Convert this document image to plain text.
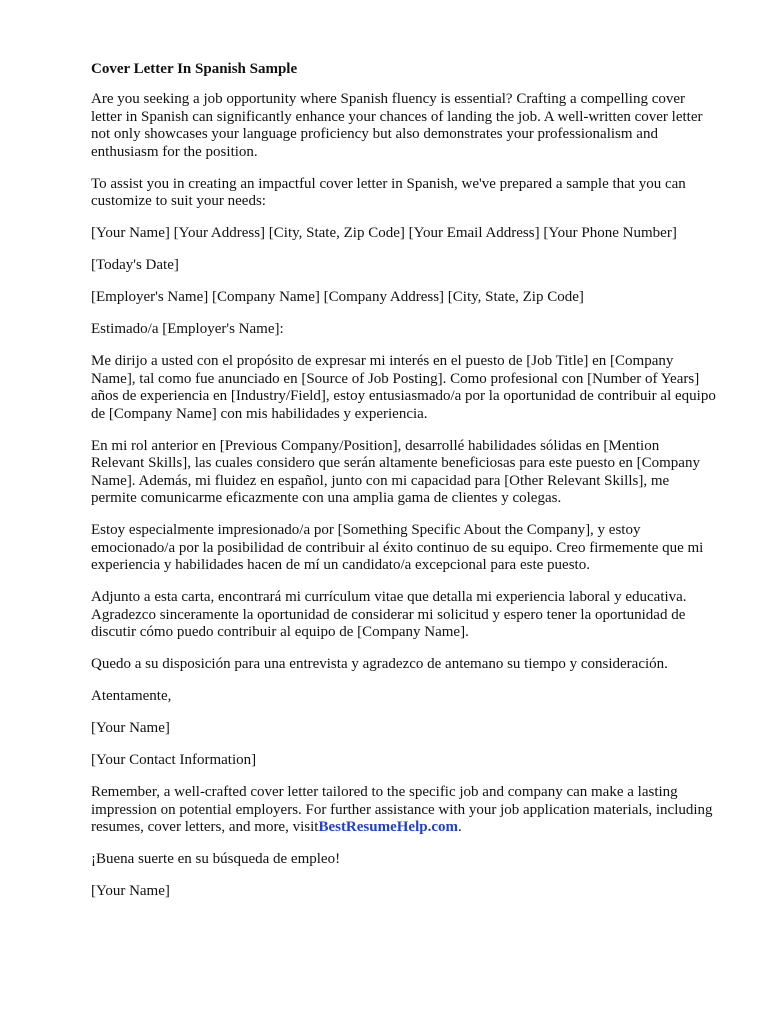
Cover Letter In Spanish Sample

Are you seeking a job opportunity where Spanish fluency is essential? Crafting a compelling cover letter in Spanish can significantly enhance your chances of landing the job. A well-written cover letter not only showcases your language proficiency but also demonstrates your professionalism and enthusiasm for the position.

To assist you in creating an impactful cover letter in Spanish, we've prepared a sample that you can customize to suit your needs:

[Your Name] [Your Address] [City, State, Zip Code] [Your Email Address] [Your Phone Number]

[Today's Date]

[Employer's Name] [Company Name] [Company Address] [City, State, Zip Code]

Estimado/a [Employer's Name]:

Me dirijo a usted con el propósito de expresar mi interés en el puesto de [Job Title] en [Company Name], tal como fue anunciado en [Source of Job Posting]. Como profesional con [Number of Years] años de experiencia en [Industry/Field], estoy entusiasmado/a por la oportunidad de contribuir al equipo de [Company Name] con mis habilidades y experiencia.

En mi rol anterior en [Previous Company/Position], desarrollé habilidades sólidas en [Mention Relevant Skills], las cuales considero que serán altamente beneficiosas para este puesto en [Company Name]. Además, mi fluidez en español, junto con mi capacidad para [Other Relevant Skills], me permite comunicarme eficazmente con una amplia gama de clientes y colegas.

Estoy especialmente impresionado/a por [Something Specific About the Company], y estoy emocionado/a por la posibilidad de contribuir al éxito continuo de su equipo. Creo firmemente que mi experiencia y habilidades hacen de mí un candidato/a excepcional para este puesto.

Adjunto a esta carta, encontrará mi currículum vitae que detalla mi experiencia laboral y educativa. Agradezco sinceramente la oportunidad de considerar mi solicitud y espero tener la oportunidad de discutir cómo puedo contribuir al equipo de [Company Name].

Quedo a su disposición para una entrevista y agradezco de antemano su tiempo y consideración.

Atentamente,

[Your Name]

[Your Contact Information]

Remember, a well-crafted cover letter tailored to the specific job and company can make a lasting impression on potential employers. For further assistance with your job application materials, including resumes, cover letters, and more, visitBestResumeHelp.com.

¡Buena suerte en su búsqueda de empleo!

[Your Name]
